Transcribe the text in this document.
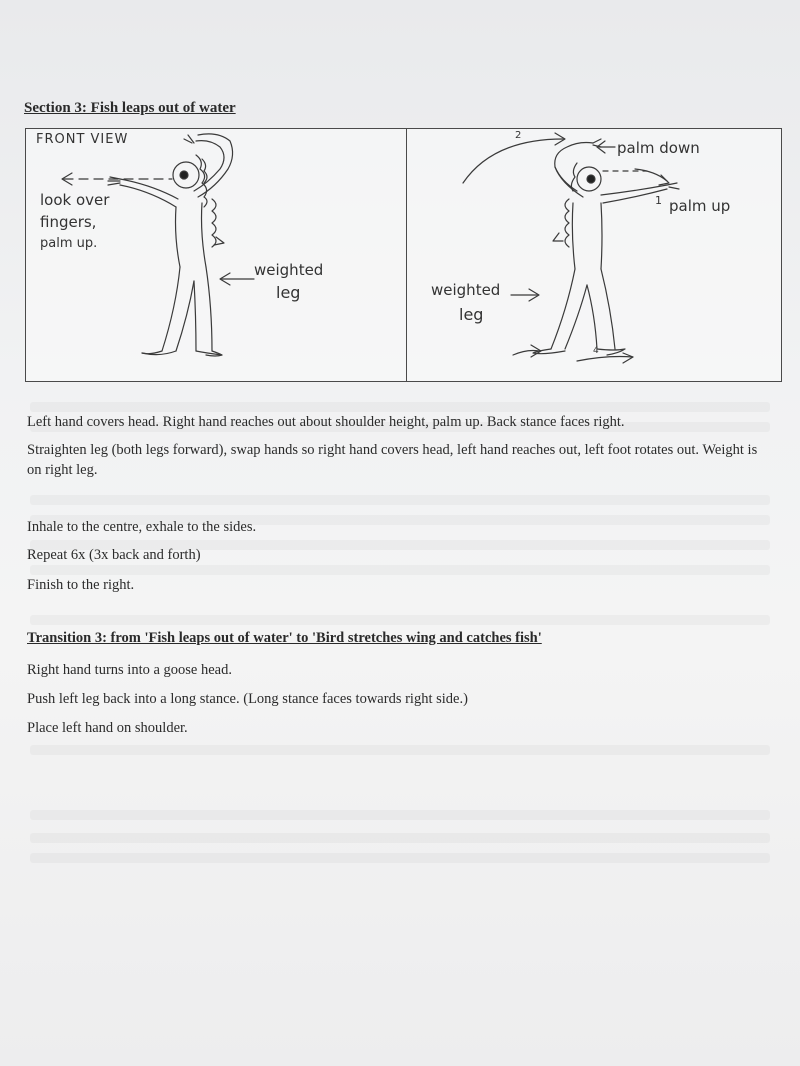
Section 3: Fish leaps out of water
FRONT VIEW
look over
fingers,
palm up.
weighted
leg
palm down
palm up
1
2
4
weighted
leg

Left hand covers head. Right hand reaches out about shoulder height, palm up. Back stance faces right.

Straighten leg (both legs forward), swap hands so right hand covers head, left hand reaches out, left foot rotates out. Weight is on right leg.

Inhale to the centre, exhale to the sides.

Repeat 6x (3x back and forth)

Finish to the right.

Transition 3: from 'Fish leaps out of water' to 'Bird stretches wing and catches fish'

Right hand turns into a goose head.

Push left leg back into a long stance. (Long stance faces towards right side.)

Place left hand on shoulder.
